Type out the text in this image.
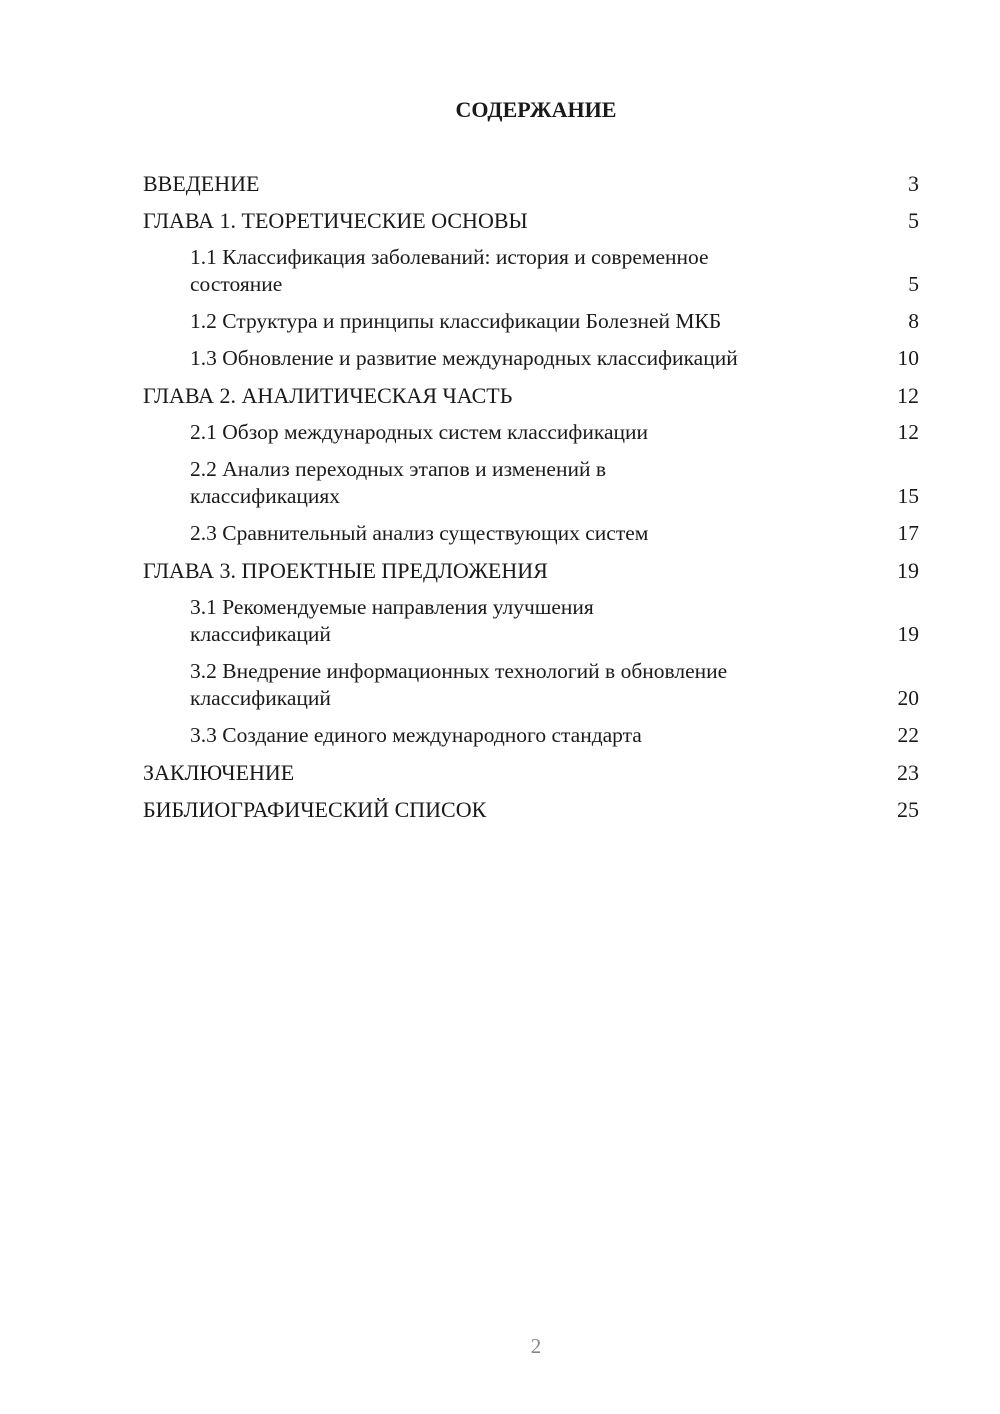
СОДЕРЖАНИЕ
ВВЕДЕНИЕ	3
ГЛАВА 1. ТЕОРЕТИЧЕСКИЕ ОСНОВЫ	5
1.1 Классификация заболеваний: история и современное
состояние	5
1.2 Структура и принципы классификации Болезней МКБ	8
1.3 Обновление и развитие международных классификаций	10
ГЛАВА 2. АНАЛИТИЧЕСКАЯ ЧАСТЬ	12
2.1 Обзор международных систем классификации	12
2.2 Анализ переходных этапов и изменений в
классификациях	15
2.3 Сравнительный анализ существующих систем	17
ГЛАВА 3. ПРОЕКТНЫЕ ПРЕДЛОЖЕНИЯ	19
3.1 Рекомендуемые направления улучшения
классификаций	19
3.2 Внедрение информационных технологий в обновление
классификаций	20
3.3 Создание единого международного стандарта	22
ЗАКЛЮЧЕНИЕ	23
БИБЛИОГРАФИЧЕСКИЙ СПИСОК	25
2
